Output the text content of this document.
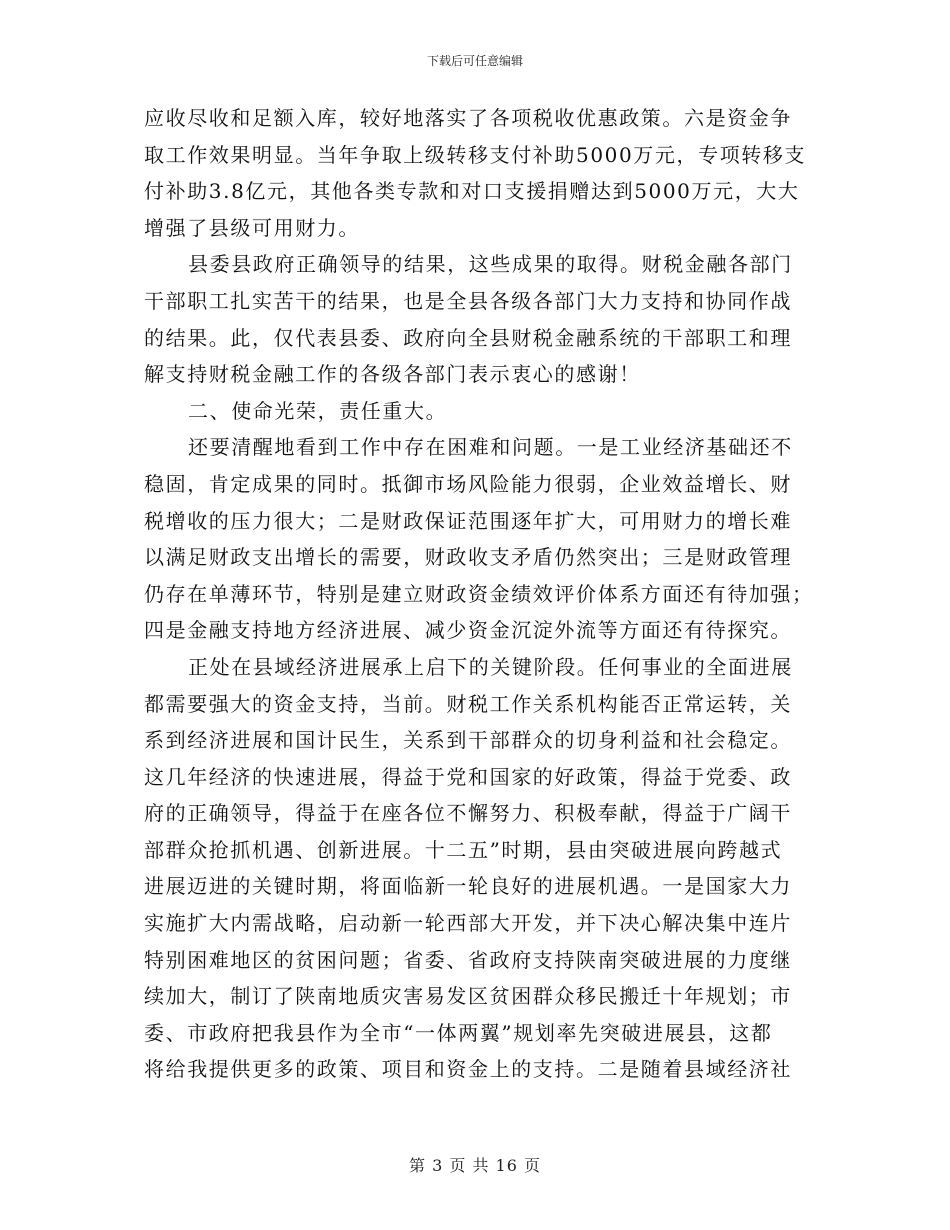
下载后可任意编辑
应收尽收和足额入库，较好地落实了各项税收优惠政策。六是资金争
取工作效果明显。当年争取上级转移支付补助5000万元，专项转移支
付补助3.8亿元，其他各类专款和对口支援捐赠达到5000万元，大大
增强了县级可用财力。
县委县政府正确领导的结果，这些成果的取得。财税金融各部门
干部职工扎实苦干的结果，也是全县各级各部门大力支持和协同作战
的结果。此，仅代表县委、政府向全县财税金融系统的干部职工和理
解支持财税金融工作的各级各部门表示衷心的感谢！
二、使命光荣，责任重大。
还要清醒地看到工作中存在困难和问题。一是工业经济基础还不
稳固，肯定成果的同时。抵御市场风险能力很弱，企业效益增长、财
税增收的压力很大；二是财政保证范围逐年扩大，可用财力的增长难
以满足财政支出增长的需要，财政收支矛盾仍然突出；三是财政管理
仍存在单薄环节，特别是建立财政资金绩效评价体系方面还有待加强；
四是金融支持地方经济进展、减少资金沉淀外流等方面还有待探究。
正处在县域经济进展承上启下的关键阶段。任何事业的全面进展
都需要强大的资金支持，当前。财税工作关系机构能否正常运转，关
系到经济进展和国计民生，关系到干部群众的切身利益和社会稳定。
这几年经济的快速进展，得益于党和国家的好政策，得益于党委、政
府的正确领导，得益于在座各位不懈努力、积极奉献，得益于广阔干
部群众抢抓机遇、创新进展。十二五”时期，县由突破进展向跨越式
进展迈进的关键时期，将面临新一轮良好的进展机遇。一是国家大力
实施扩大内需战略，启动新一轮西部大开发，并下决心解决集中连片
特别困难地区的贫困问题；省委、省政府支持陕南突破进展的力度继
续加大，制订了陕南地质灾害易发区贫困群众移民搬迁十年规划；市
委、市政府把我县作为全市“一体两翼”规划率先突破进展县，这都
将给我提供更多的政策、项目和资金上的支持。二是随着县域经济社
第 3 页 共 16 页
